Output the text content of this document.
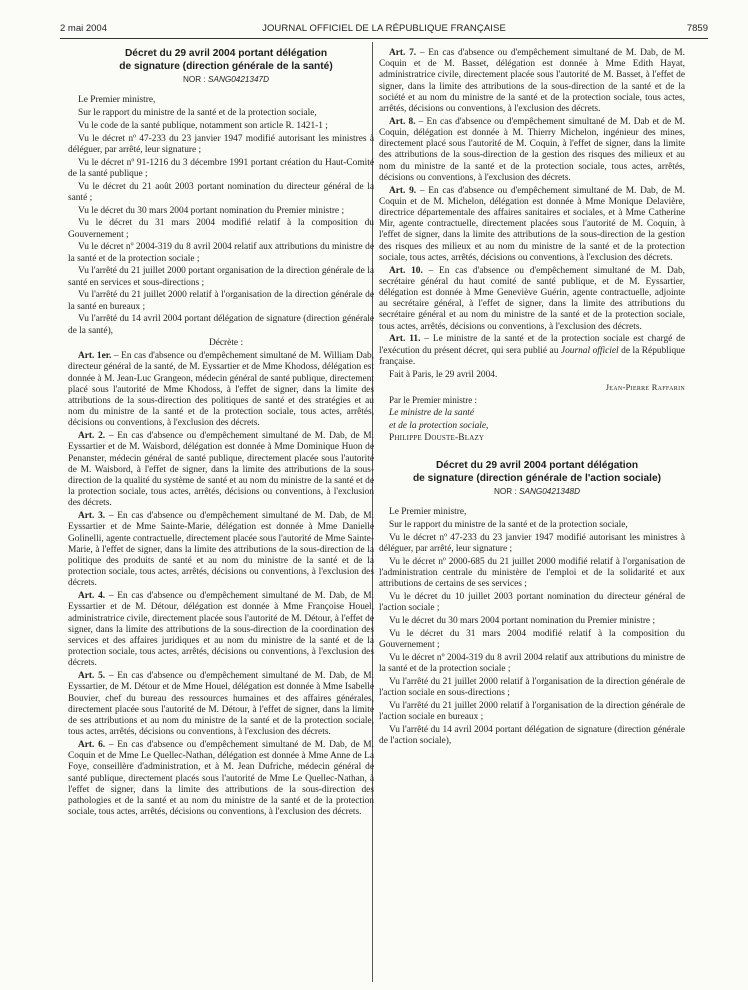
2 mai 2004	JOURNAL OFFICIEL DE LA RÉPUBLIQUE FRANÇAISE	7859

Décret du 29 avril 2004 portant délégation

de signature (direction générale de la santé)

NOR : SANG0421347D

Le Premier ministre,

Sur le rapport du ministre de la santé et de la protection sociale,

Vu le code de la santé publique, notamment son article R. 1421-1 ;

Vu le décret nº 47-233 du 23 janvier 1947 modifié autorisant les ministres à déléguer, par arrêté, leur signature ;

Vu le décret nº 91-1216 du 3 décembre 1991 portant création du Haut-Comité de la santé publique ;

Vu le décret du 21 août 2003 portant nomination du directeur général de la santé ;

Vu le décret du 30 mars 2004 portant nomination du Premier ministre ;

Vu le décret du 31 mars 2004 modifié relatif à la composition du Gouvernement ;

Vu le décret nº 2004-319 du 8 avril 2004 relatif aux attributions du ministre de la santé et de la protection sociale ;

Vu l'arrêté du 21 juillet 2000 portant organisation de la direction générale de la santé en services et sous-directions ;

Vu l'arrêté du 21 juillet 2000 relatif à l'organisation de la direction générale de la santé en bureaux ;

Vu l'arrêté du 14 avril 2004 portant délégation de signature (direction générale de la santé),

Décrète :

Art. 1er. – En cas d'absence ou d'empêchement simultané de M. William Dab, directeur général de la santé, de M. Eyssartier et de Mme Khodoss, délégation est donnée à M. Jean-Luc Grangeon, médecin général de santé publique, directement placé sous l'autorité de Mme Khodoss, à l'effet de signer, dans la limite des attributions de la sous-direction des politiques de santé et des stratégies et au nom du ministre de la santé et de la protection sociale, tous actes, arrêtés, décisions ou conventions, à l'exclusion des décrets.

Art. 2. – En cas d'absence ou d'empêchement simultané de M. Dab, de M. Eyssartier et de M. Waisbord, délégation est donnée à Mme Dominique Huon de Penanster, médecin général de santé publique, directement placée sous l'autorité de M. Waisbord, à l'effet de signer, dans la limite des attributions de la sous-direction de la qualité du système de santé et au nom du ministre de la santé et de la protection sociale, tous actes, arrêtés, décisions ou conventions, à l'exclusion des décrets.

Art. 3. – En cas d'absence ou d'empêchement simultané de M. Dab, de M. Eyssartier et de Mme Sainte-Marie, délégation est donnée à Mme Danielle Golinelli, agente contractuelle, directement placée sous l'autorité de Mme Sainte-Marie, à l'effet de signer, dans la limite des attributions de la sous-direction de la politique des produits de santé et au nom du ministre de la santé et de la protection sociale, tous actes, arrêtés, décisions ou conventions, à l'exclusion des décrets.

Art. 4. – En cas d'absence ou d'empêchement simultané de M. Dab, de M. Eyssartier et de M. Détour, délégation est donnée à Mme Françoise Houel, administratrice civile, directement placée sous l'autorité de M. Détour, à l'effet de signer, dans la limite des attributions de la sous-direction de la coordination des services et des affaires juridiques et au nom du ministre de la santé et de la protection sociale, tous actes, arrêtés, décisions ou conventions, à l'exclusion des décrets.

Art. 5. – En cas d'absence ou d'empêchement simultané de M. Dab, de M. Eyssartier, de M. Détour et de Mme Houel, délégation est donnée à Mme Isabelle Bouvier, chef du bureau des ressources humaines et des affaires générales, directement placée sous l'autorité de M. Détour, à l'effet de signer, dans la limite de ses attributions et au nom du ministre de la santé et de la protection sociale, tous actes, arrêtés, décisions ou conventions, à l'exclusion des décrets.

Art. 6. – En cas d'absence ou d'empêchement simultané de M. Dab, de M. Coquin et de Mme Le Quellec-Nathan, délégation est donnée à Mme Anne de La Foye, conseillère d'administration, et à M. Jean Dufriche, médecin général de santé publique, directement placés sous l'autorité de Mme Le Quellec-Nathan, à l'effet de signer, dans la limite des attributions de la sous-direction des pathologies et de la santé et au nom du ministre de la santé et de la protection sociale, tous actes, arrêtés, décisions ou conventions, à l'exclusion des décrets.

Art. 7. – En cas d'absence ou d'empêchement simultané de M. Dab, de M. Coquin et de M. Basset, délégation est donnée à Mme Edith Hayat, administratrice civile, directement placée sous l'autorité de M. Basset, à l'effet de signer, dans la limite des attributions de la sous-direction de la santé et de la société et au nom du ministre de la santé et de la protection sociale, tous actes, arrêtés, décisions ou conventions, à l'exclusion des décrets.

Art. 8. – En cas d'absence ou d'empêchement simultané de M. Dab et de M. Coquin, délégation est donnée à M. Thierry Michelon, ingénieur des mines, directement placé sous l'autorité de M. Coquin, à l'effet de signer, dans la limite des attributions de la sous-direction de la gestion des risques des milieux et au nom du ministre de la santé et de la protection sociale, tous actes, arrêtés, décisions ou conventions, à l'exclusion des décrets.

Art. 9. – En cas d'absence ou d'empêchement simultané de M. Dab, de M. Coquin et de M. Michelon, délégation est donnée à Mme Monique Delavière, directrice départementale des affaires sanitaires et sociales, et à Mme Catherine Mir, agente contractuelle, directement placées sous l'autorité de M. Coquin, à l'effet de signer, dans la limite des attributions de la sous-direction de la gestion des risques des milieux et au nom du ministre de la santé et de la protection sociale, tous actes, arrêtés, décisions ou conventions, à l'exclusion des décrets.

Art. 10. – En cas d'absence ou d'empêchement simultané de M. Dab, secrétaire général du haut comité de santé publique, et de M. Eyssartier, délégation est donnée à Mme Geneviève Guérin, agente contractuelle, adjointe au secrétaire général, à l'effet de signer, dans la limite des attributions du secrétaire général et au nom du ministre de la santé et de la protection sociale, tous actes, arrêtés, décisions ou conventions, à l'exclusion des décrets.

Art. 11. – Le ministre de la santé et de la protection sociale est chargé de l'exécution du présent décret, qui sera publié au Journal officiel de la République française.

Fait à Paris, le 29 avril 2004.

Jean-Pierre Raffarin

Par le Premier ministre :

Le ministre de la santé

et de la protection sociale,

Philippe Douste-Blazy

Décret du 29 avril 2004 portant délégation

de signature (direction générale de l'action sociale)

NOR : SANG0421348D

Le Premier ministre,

Sur le rapport du ministre de la santé et de la protection sociale,

Vu le décret nº 47-233 du 23 janvier 1947 modifié autorisant les ministres à déléguer, par arrêté, leur signature ;

Vu le décret nº 2000-685 du 21 juillet 2000 modifié relatif à l'organisation de l'administration centrale du ministère de l'emploi et de la solidarité et aux attributions de certains de ses services ;

Vu le décret du 10 juillet 2003 portant nomination du directeur général de l'action sociale ;

Vu le décret du 30 mars 2004 portant nomination du Premier ministre ;

Vu le décret du 31 mars 2004 modifié relatif à la composition du Gouvernement ;

Vu le décret nº 2004-319 du 8 avril 2004 relatif aux attributions du ministre de la santé et de la protection sociale ;

Vu l'arrêté du 21 juillet 2000 relatif à l'organisation de la direction générale de l'action sociale en sous-directions ;

Vu l'arrêté du 21 juillet 2000 relatif à l'organisation de la direction générale de l'action sociale en bureaux ;

Vu l'arrêté du 14 avril 2004 portant délégation de signature (direction générale de l'action sociale),
